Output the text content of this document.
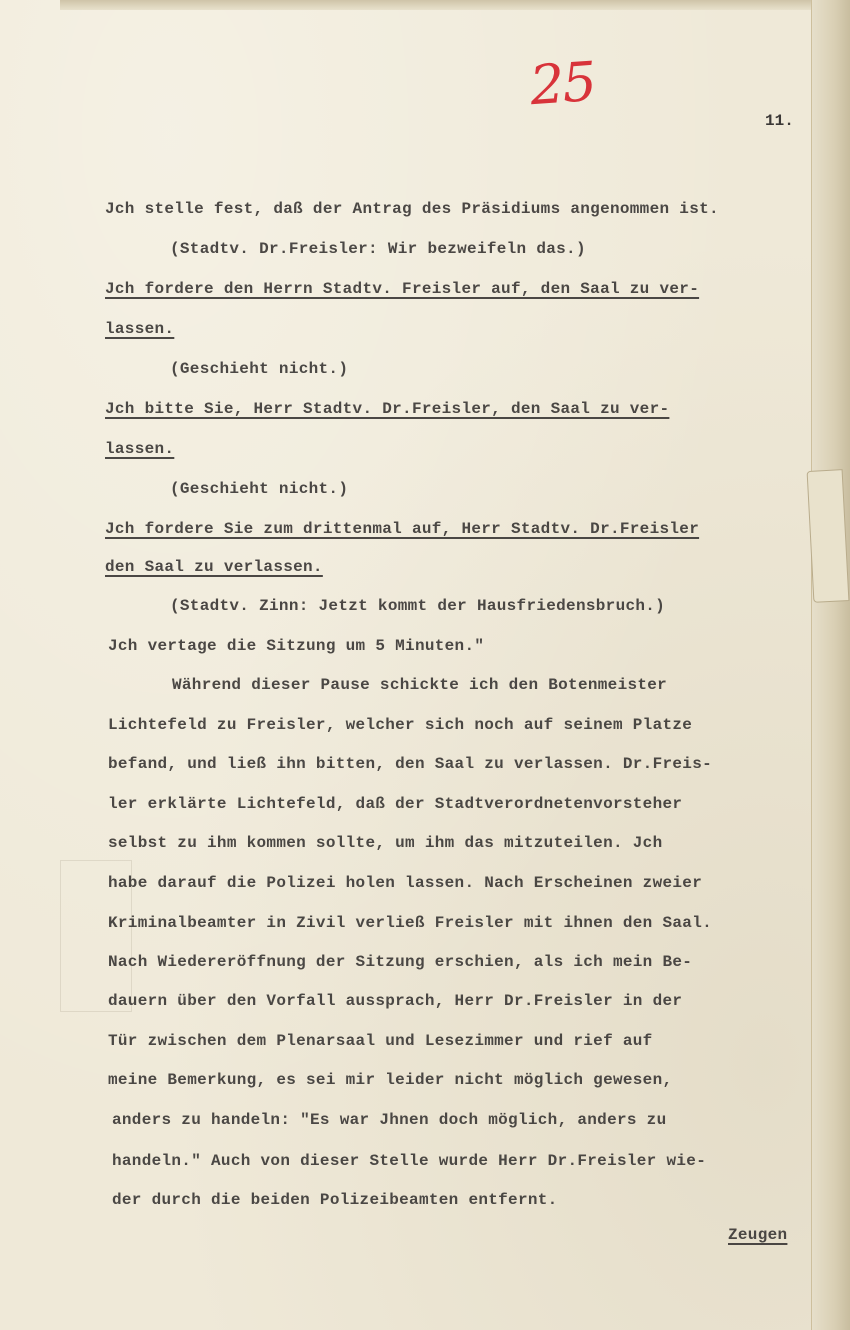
25
11.
Jch stelle fest, daß der Antrag des Präsidiums angenommen ist.
(Stadtv. Dr.Freisler: Wir bezweifeln das.)
Jch fordere den Herrn Stadtv. Freisler auf, den Saal zu ver-
lassen.
(Geschieht nicht.)
Jch bitte Sie, Herr Stadtv. Dr.Freisler, den Saal zu ver-
lassen.
(Geschieht nicht.)
Jch fordere Sie zum drittenmal auf, Herr Stadtv. Dr.Freisler
den Saal zu verlassen.
(Stadtv. Zinn: Jetzt kommt der Hausfriedensbruch.)
Jch vertage die Sitzung um 5 Minuten."
Während dieser Pause schickte ich den Botenmeister
Lichtefeld zu Freisler, welcher sich noch auf seinem Platze
befand, und ließ ihn bitten, den Saal zu verlassen. Dr.Freis-
ler erklärte Lichtefeld, daß der Stadtverordnetenvorsteher
selbst zu ihm kommen sollte, um ihm das mitzuteilen. Jch
habe darauf die Polizei holen lassen. Nach Erscheinen zweier
Kriminalbeamter in Zivil verließ Freisler mit ihnen den Saal.
Nach Wiedereröffnung der Sitzung erschien, als ich mein Be-
dauern über den Vorfall aussprach, Herr Dr.Freisler in der
Tür zwischen dem Plenarsaal und Lesezimmer und rief auf
meine Bemerkung, es sei mir leider nicht möglich gewesen,
anders zu handeln: "Es war Jhnen doch möglich, anders zu
handeln." Auch von dieser Stelle wurde Herr Dr.Freisler wie-
der durch die beiden Polizeibeamten entfernt.
Zeugen
